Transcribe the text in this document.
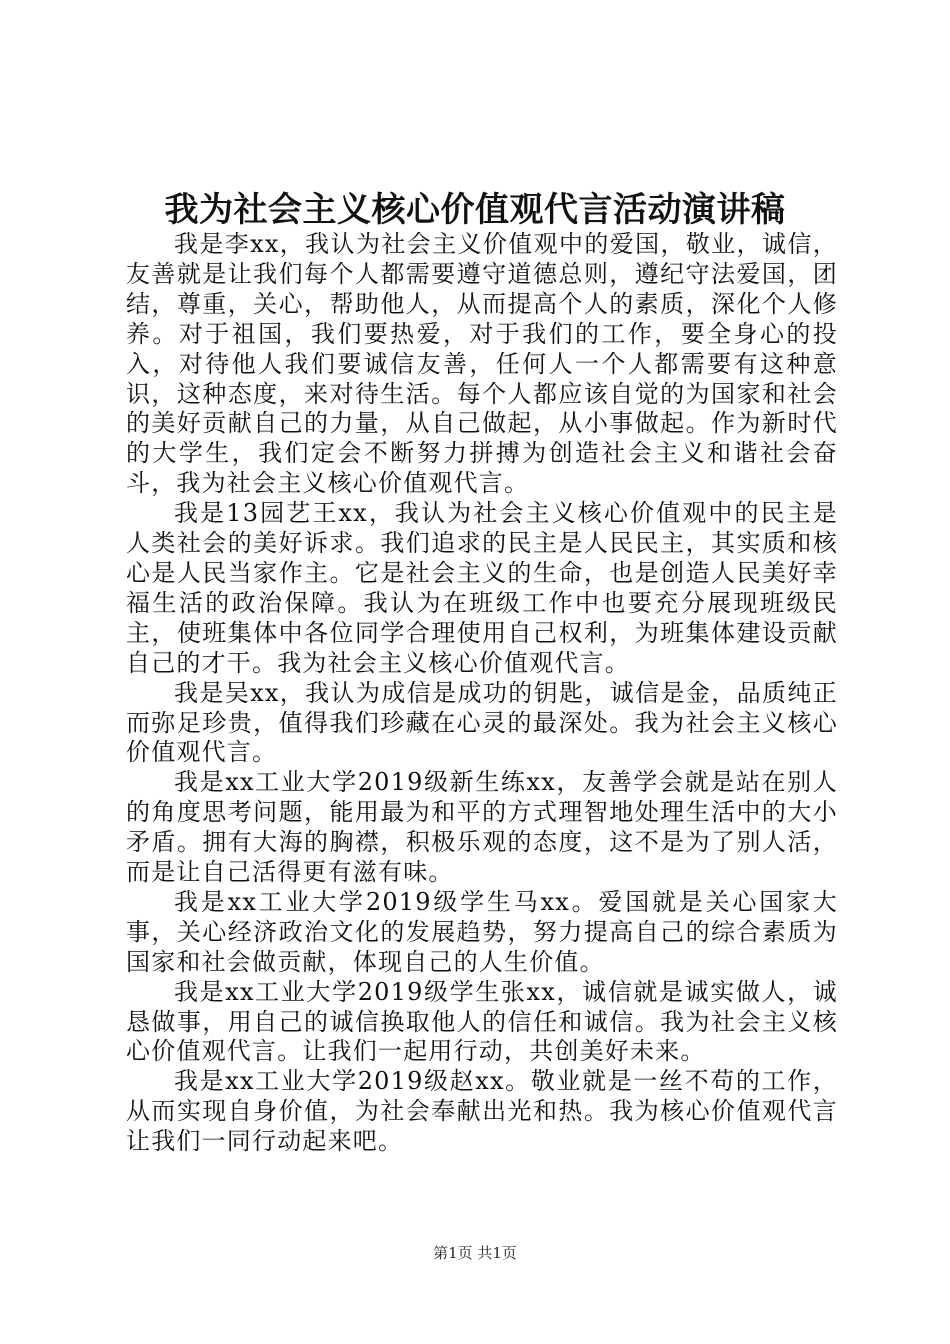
我为社会主义核心价值观代言活动演讲稿

我是李xx，我认为社会主义价值观中的爱国，敬业，诚信，友善就是让我们每个人都需要遵守道德总则，遵纪守法爱国，团结，尊重，关心，帮助他人，从而提高个人的素质，深化个人修养。对于祖国，我们要热爱，对于我们的工作，要全身心的投入，对待他人我们要诚信友善，任何人一个人都需要有这种意识，这种态度，来对待生活。每个人都应该自觉的为国家和社会的美好贡献自己的力量，从自己做起，从小事做起。作为新时代的大学生，我们定会不断努力拼搏为创造社会主义和谐社会奋斗，我为社会主义核心价值观代言。

我是13园艺王xx，我认为社会主义核心价值观中的民主是人类社会的美好诉求。我们追求的民主是人民民主，其实质和核心是人民当家作主。它是社会主义的生命，也是创造人民美好幸福生活的政治保障。我认为在班级工作中也要充分展现班级民主，使班集体中各位同学合理使用自己权利，为班集体建设贡献自己的才干。我为社会主义核心价值观代言。

我是吴xx，我认为成信是成功的钥匙，诚信是金，品质纯正而弥足珍贵，值得我们珍藏在心灵的最深处。我为社会主义核心价值观代言。

我是xx工业大学2019级新生练xx，友善学会就是站在别人的角度思考问题，能用最为和平的方式理智地处理生活中的大小矛盾。拥有大海的胸襟，积极乐观的态度，这不是为了别人活，而是让自己活得更有滋有味。

我是xx工业大学2019级学生马xx。爱国就是关心国家大事，关心经济政治文化的发展趋势，努力提高自己的综合素质为国家和社会做贡献，体现自己的人生价值。

我是xx工业大学2019级学生张xx，诚信就是诚实做人，诚恳做事，用自己的诚信换取他人的信任和诚信。我为社会主义核心价值观代言。让我们一起用行动，共创美好未来。

我是xx工业大学2019级赵xx。敬业就是一丝不苟的工作，从而实现自身价值，为社会奉献出光和热。我为核心价值观代言让我们一同行动起来吧。

第1页 共1页
